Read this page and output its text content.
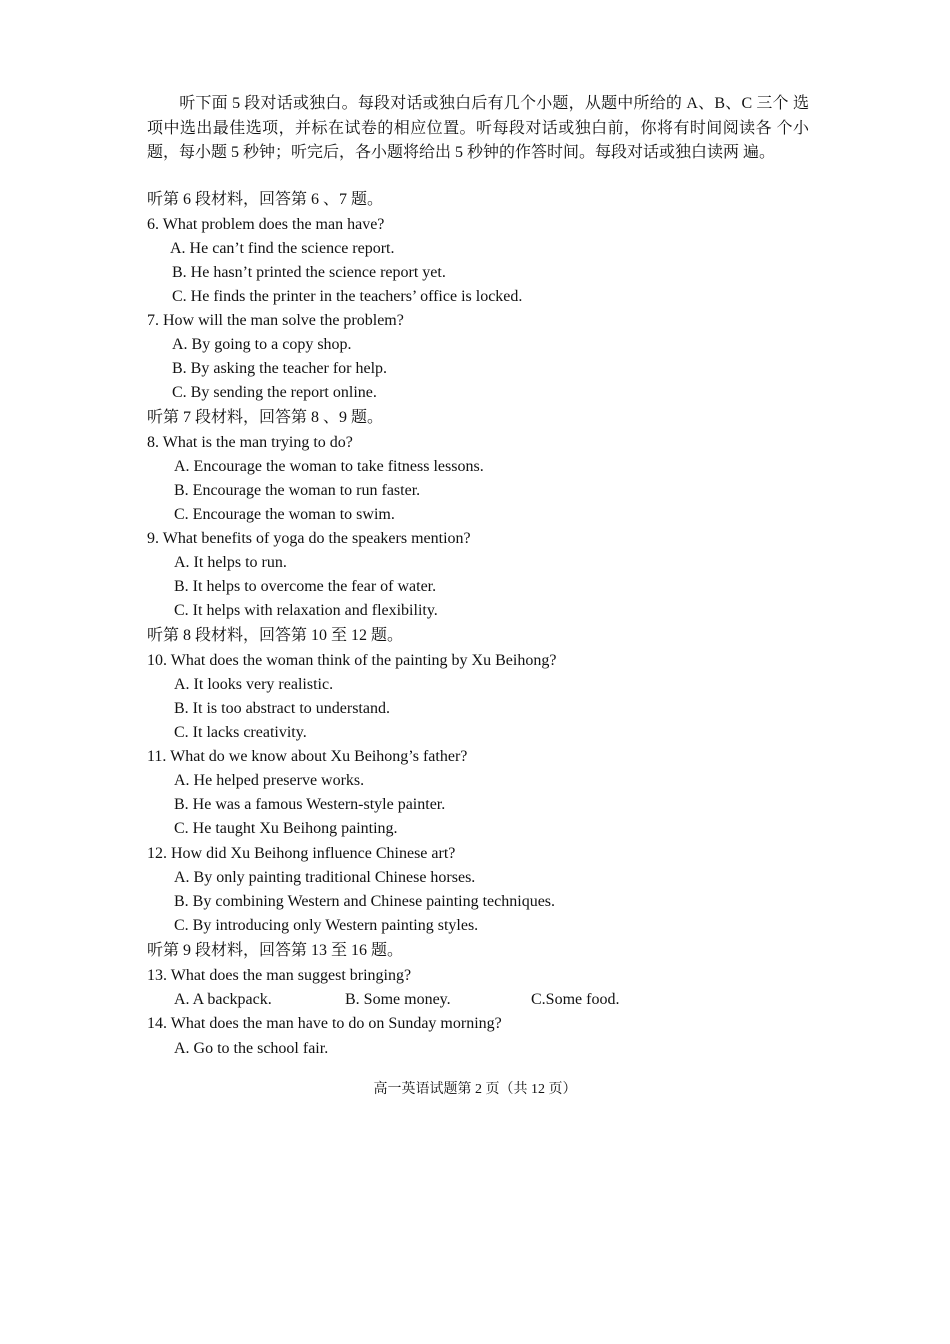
听下面 5 段对话或独白。每段对话或独白后有几个小题，从题中所给的 A、B、C 三个 选项中选出最佳选项，并标在试卷的相应位置。听每段对话或独白前，你将有时间阅读各 个小题，每小题 5 秒钟；听完后，各小题将给出 5 秒钟的作答时间。每段对话或独白读两 遍。
听第 6 段材料，回答第 6 、7 题。
6. What problem does the man have?
A. He can’t find the science report.
B. He hasn’t printed the science report yet.
C. He finds the printer in the teachers’ office is locked.
7. How will the man solve the problem?
A. By going to a copy shop.
B. By asking the teacher for help.
C. By sending the report online.
听第 7 段材料，回答第 8 、9 题。
8. What is the man trying to do?
A. Encourage the woman to take fitness lessons.
B. Encourage the woman to run faster.
C. Encourage the woman to swim.
9. What benefits of yoga do the speakers mention?
A. It helps to run.
B. It helps to overcome the fear of water.
C. It helps with relaxation and flexibility.
听第 8 段材料，回答第 10 至 12 题。
10. What does the woman think of the painting by Xu Beihong?
A. It looks very realistic.
B. It is too abstract to understand.
C. It lacks creativity.
11. What do we know about Xu Beihong’s father?
A. He helped preserve works.
B. He was a famous Western-style painter.
C. He taught Xu Beihong painting.
12. How did Xu Beihong influence Chinese art?
A. By only painting traditional Chinese horses.
B. By combining Western and Chinese painting techniques.
C. By introducing only Western painting styles.
听第 9 段材料，回答第 13 至 16 题。
13. What does the man suggest bringing?
A. A backpack.	B. Some money.	C.Some food.
14. What does the man have to do on Sunday morning?
A. Go to the school fair.
高一英语试题第 2 页（共 12 页）
